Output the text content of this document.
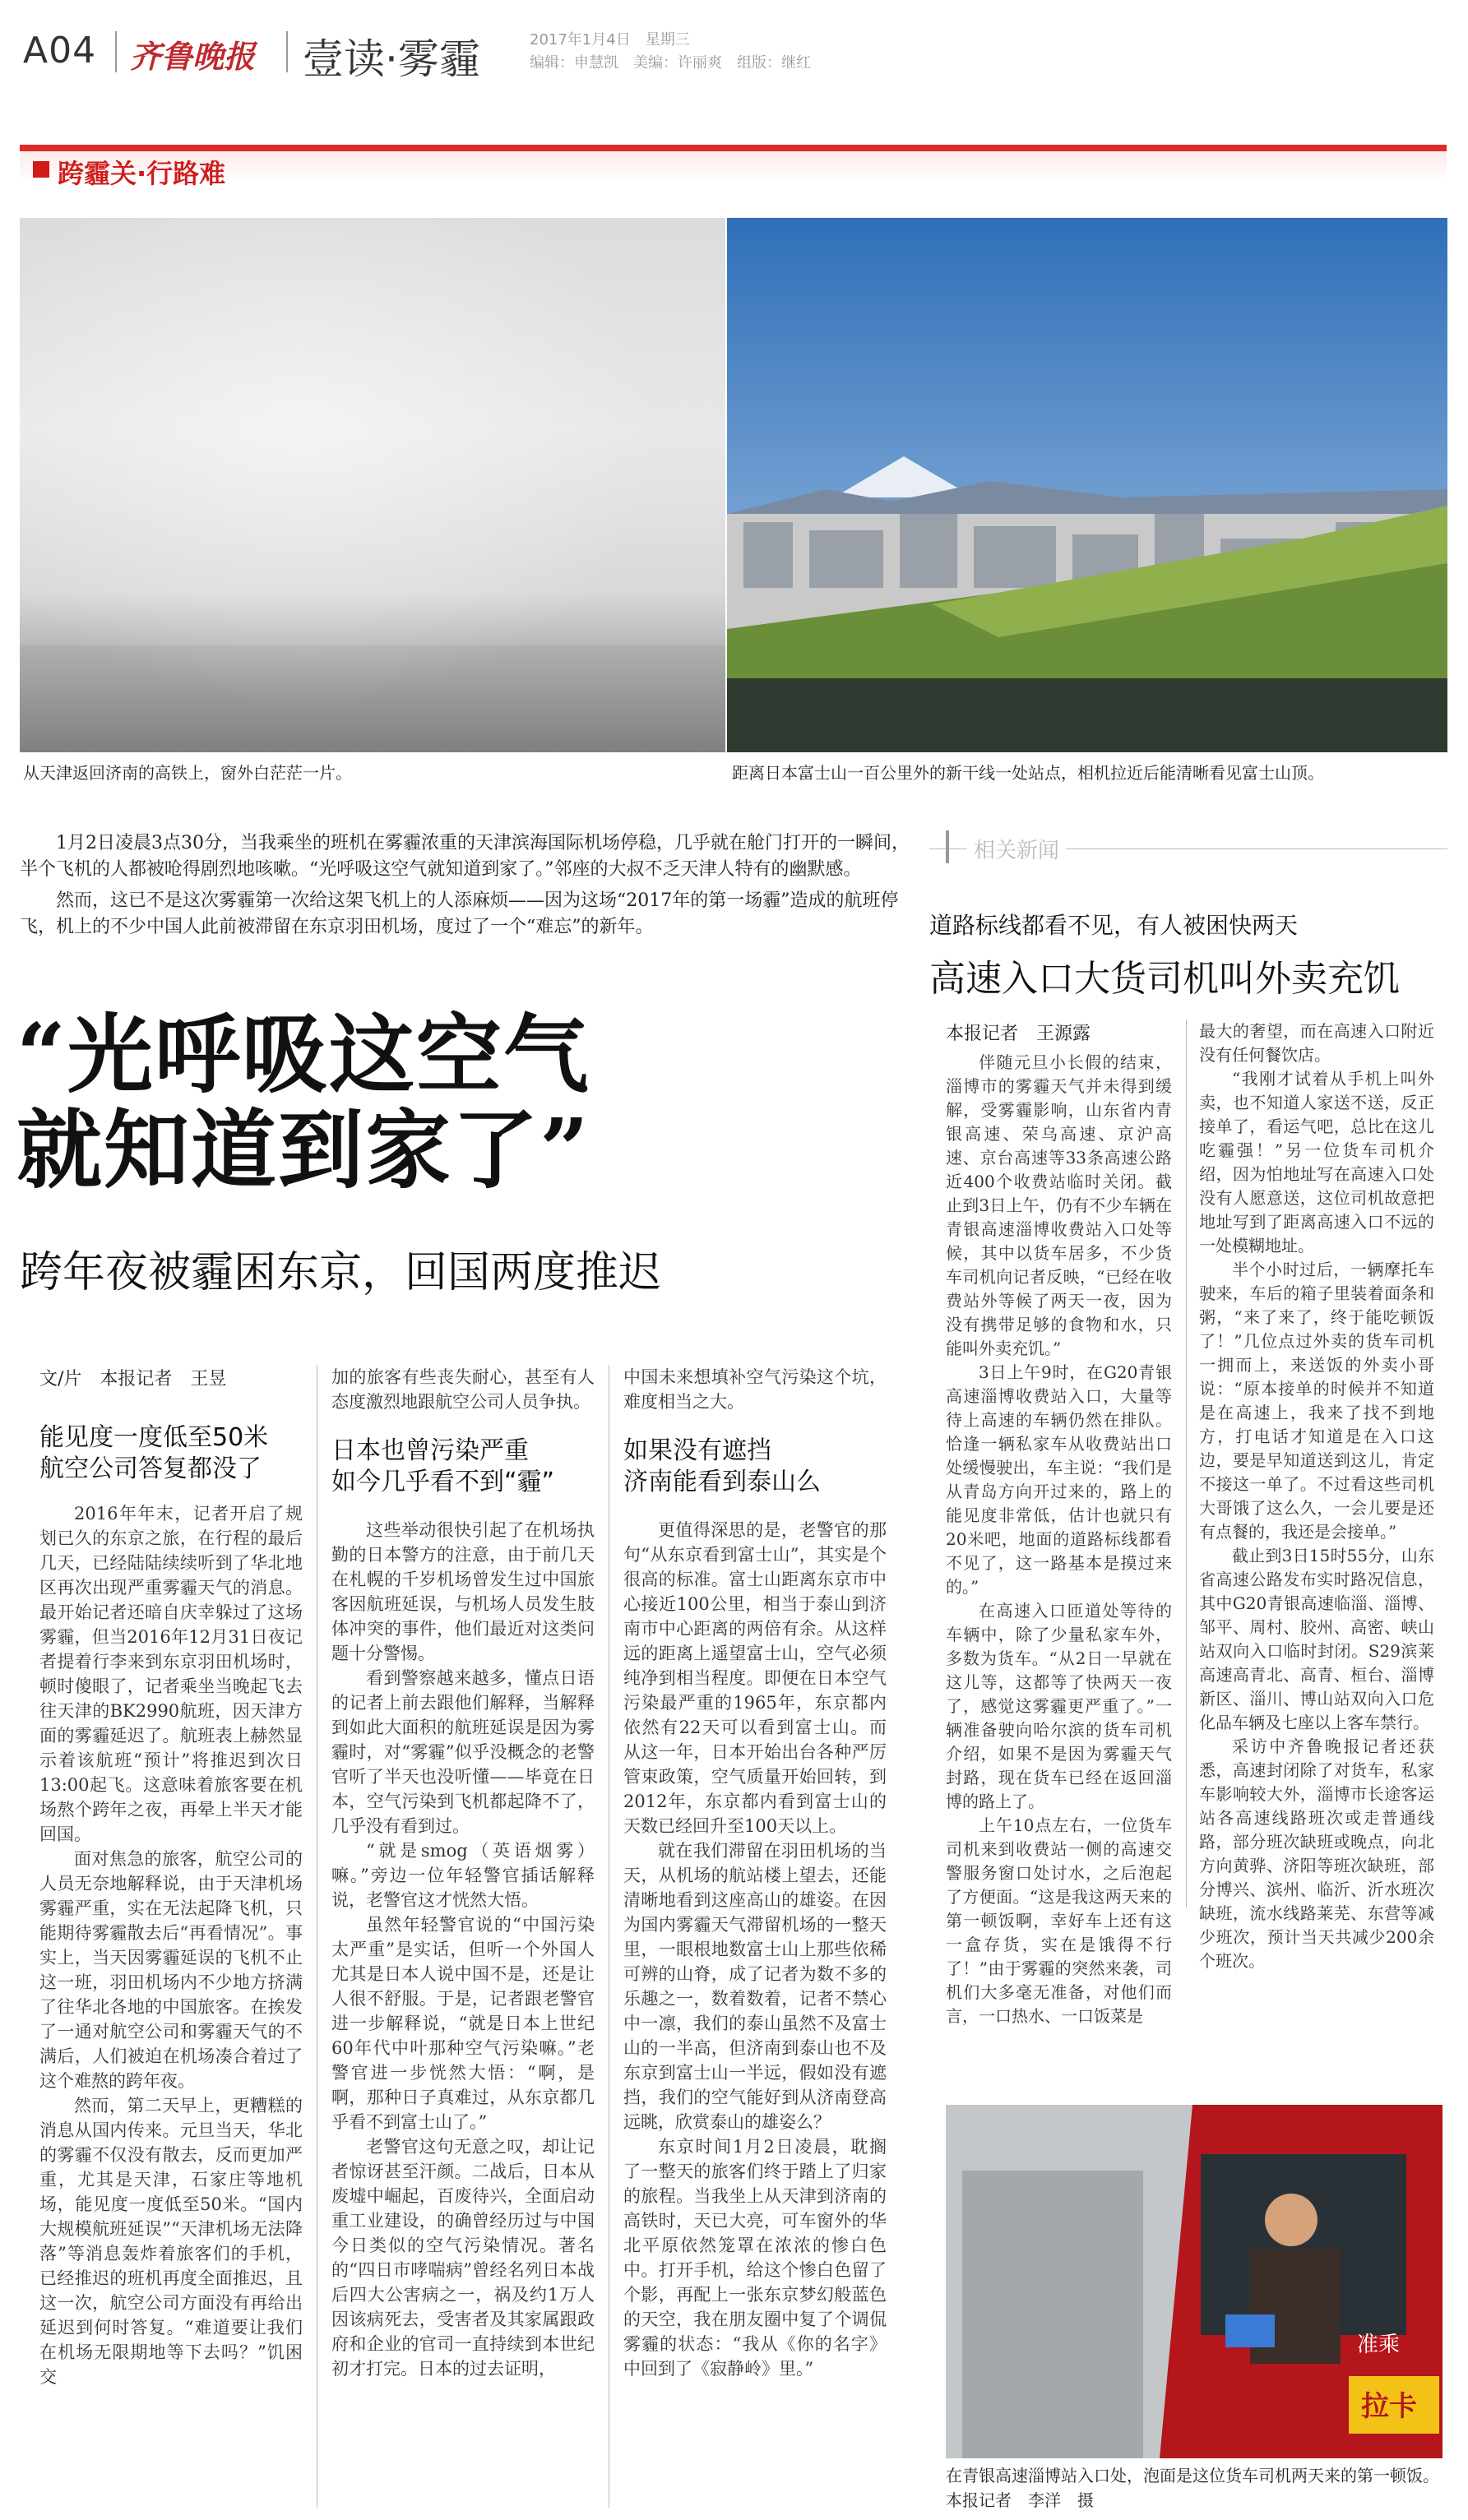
A04 齐鲁晚报 壹读·雾霾	2017年1月4日　星期三
编辑：申慧凯　美编：许丽爽　组版：继红
跨霾关·行路难
从天津返回济南的高铁上，窗外白茫茫一片。	距离日本富士山一百公里外的新干线一处站点，相机拉近后能清晰看见富士山顶。

1月2日凌晨3点30分，当我乘坐的班机在雾霾浓重的天津滨海国际机场停稳，几乎就在舱门打开的一瞬间，半个飞机的人都被呛得剧烈地咳嗽。“光呼吸这空气就知道到家了。”邻座的大叔不乏天津人特有的幽默感。

然而，这已不是这次雾霾第一次给这架飞机上的人添麻烦——因为这场“2017年的第一场霾”造成的航班停飞，机上的不少中国人此前被滞留在东京羽田机场，度过了一个“难忘”的新年。

“光呼吸这空气
就知道到家了”
跨年夜被霾困东京，回国两度推迟
文/片　本报记者　王昱
能见度一度低至50米
航空公司答复都没了

2016年年末，记者开启了规划已久的东京之旅，在行程的最后几天，已经陆陆续续听到了华北地区再次出现严重雾霾天气的消息。最开始记者还暗自庆幸躲过了这场雾霾，但当2016年12月31日夜记者提着行李来到东京羽田机场时，顿时傻眼了，记者乘坐当晚起飞去往天津的BK2990航班，因天津方面的雾霾延迟了。航班表上赫然显示着该航班“预计”将推迟到次日13:00起飞。这意味着旅客要在机场熬个跨年之夜，再晕上半天才能回国。

面对焦急的旅客，航空公司的人员无奈地解释说，由于天津机场雾霾严重，实在无法起降飞机，只能期待雾霾散去后“再看情况”。事实上，当天因雾霾延误的飞机不止这一班，羽田机场内不少地方挤满了往华北各地的中国旅客。在挨发了一通对航空公司和雾霾天气的不满后，人们被迫在机场凑合着过了这个难熬的跨年夜。

然而，第二天早上，更糟糕的消息从国内传来。元旦当天，华北的雾霾不仅没有散去，反而更加严重，尤其是天津，石家庄等地机场，能见度一度低至50米。“国内大规模航班延误”“天津机场无法降落”等消息轰炸着旅客们的手机，已经推迟的班机再度全面推迟，且这一次，航空公司方面没有再给出延迟到何时答复。“难道要让我们在机场无限期地等下去吗？”饥困交

加的旅客有些丧失耐心，甚至有人态度激烈地跟航空公司人员争执。

日本也曾污染严重
如今几乎看不到“霾”

这些举动很快引起了在机场执勤的日本警方的注意，由于前几天在札幌的千岁机场曾发生过中国旅客因航班延误，与机场人员发生肢体冲突的事件，他们最近对这类问题十分警惕。

看到警察越来越多，懂点日语的记者上前去跟他们解释，当解释到如此大面积的航班延误是因为雾霾时，对“雾霾”似乎没概念的老警官听了半天也没听懂——毕竟在日本，空气污染到飞机都起降不了，几乎没有看到过。

“就是smog（英语烟雾）嘛。”旁边一位年轻警官插话解释说，老警官这才恍然大悟。

虽然年轻警官说的“中国污染太严重”是实话，但听一个外国人尤其是日本人说中国不是，还是让人很不舒服。于是，记者跟老警官进一步解释说，“就是日本上世纪60年代中叶那种空气污染嘛。”老警官进一步恍然大悟：“啊，是啊，那种日子真难过，从东京都几乎看不到富士山了。”

老警官这句无意之叹，却让记者惊讶甚至汗颜。二战后，日本从废墟中崛起，百废待兴，全面启动重工业建设，的确曾经历过与中国今日类似的空气污染情况。著名的“四日市哮喘病”曾经名列日本战后四大公害病之一，祸及约1万人因该病死去，受害者及其家属跟政府和企业的官司一直持续到本世纪初才打完。日本的过去证明，

中国未来想填补空气污染这个坑，难度相当之大。

如果没有遮挡
济南能看到泰山么

更值得深思的是，老警官的那句“从东京看到富士山”，其实是个很高的标准。富士山距离东京市中心接近100公里，相当于泰山到济南市中心距离的两倍有余。从这样远的距离上遥望富士山，空气必须纯净到相当程度。即便在日本空气污染最严重的1965年，东京都内依然有22天可以看到富士山。而从这一年，日本开始出台各种严厉管束政策，空气质量开始回转，到2012年，东京都内看到富士山的天数已经回升至100天以上。

就在我们滞留在羽田机场的当天，从机场的航站楼上望去，还能清晰地看到这座高山的雄姿。在因为国内雾霾天气滞留机场的一整天里，一眼根地数富士山上那些依稀可辨的山脊，成了记者为数不多的乐趣之一，数着数着，记者不禁心中一凛，我们的泰山虽然不及富士山的一半高，但济南到泰山也不及东京到富士山一半远，假如没有遮挡，我们的空气能好到从济南登高远眺，欣赏泰山的雄姿么？

东京时间1月2日凌晨，耽搁了一整天的旅客们终于踏上了归家的旅程。当我坐上从天津到济南的高铁时，天已大亮，可车窗外的华北平原依然笼罩在浓浓的惨白色中。打开手机，给这个惨白色留了个影，再配上一张东京梦幻般蓝色的天空，我在朋友圈中复了个调侃雾霾的状态：“我从《你的名字》中回到了《寂静岭》里。”

相关新闻
道路标线都看不见，有人被困快两天
高速入口大货司机叫外卖充饥
本报记者　王源露

伴随元旦小长假的结束，淄博市的雾霾天气并未得到缓解，受雾霾影响，山东省内青银高速、荣乌高速、京沪高速、京台高速等33条高速公路近400个收费站临时关闭。截止到3日上午，仍有不少车辆在青银高速淄博收费站入口处等候，其中以货车居多，不少货车司机向记者反映，“已经在收费站外等候了两天一夜，因为没有携带足够的食物和水，只能叫外卖充饥。”

3日上午9时，在G20青银高速淄博收费站入口，大量等待上高速的车辆仍然在排队。恰逢一辆私家车从收费站出口处缓慢驶出，车主说：“我们是从青岛方向开过来的，路上的能见度非常低，估计也就只有20米吧，地面的道路标线都看不见了，这一路基本是摸过来的。”

在高速入口匝道处等待的车辆中，除了少量私家车外，多数为货车。“从2日一早就在这儿等，这都等了快两天一夜了，感觉这雾霾更严重了。”一辆准备驶向哈尔滨的货车司机介绍，如果不是因为雾霾天气封路，现在货车已经在返回淄博的路上了。

上午10点左右，一位货车司机来到收费站一侧的高速交警服务窗口处讨水，之后泡起了方便面。“这是我这两天来的第一顿饭啊，幸好车上还有这一盒存货，实在是饿得不行了！”由于雾霾的突然来袭，司机们大多毫无准备，对他们而言，一口热水、一口饭菜是

最大的奢望，而在高速入口附近没有任何餐饮店。

“我刚才试着从手机上叫外卖，也不知道人家送不送，反正接单了，看运气吧，总比在这儿吃霾强！”另一位货车司机介绍，因为怕地址写在高速入口处没有人愿意送，这位司机故意把地址写到了距离高速入口不远的一处模糊地址。

半个小时过后，一辆摩托车驶来，车后的箱子里装着面条和粥，“来了来了，终于能吃顿饭了！”几位点过外卖的货车司机一拥而上，来送饭的外卖小哥说：“原本接单的时候并不知道是在高速上，我来了找不到地方，打电话才知道是在入口这边，要是早知道送到这儿，肯定不接这一单了。不过看这些司机大哥饿了这么久，一会儿要是还有点餐的，我还是会接单。”

截止到3日15时55分，山东省高速公路发布实时路况信息，其中G20青银高速临淄、淄博、邹平、周村、胶州、高密、峡山站双向入口临时封闭。S29滨莱高速高青北、高青、桓台、淄博新区、淄川、博山站双向入口危化品车辆及七座以上客车禁行。

采访中齐鲁晚报记者还获悉，高速封闭除了对货车，私家车影响较大外，淄博市长途客运站各高速线路班次或走普通线路，部分班次缺班或晚点，向北方向黄骅、济阳等班次缺班，部分博兴、滨州、临沂、沂水班次缺班，流水线路莱芜、东营等减少班次，预计当天共减少200余个班次。

拉卡
准乘
在青银高速淄博站入口处，泡面是这位货车司机两天来的第一顿饭。　本报记者　李洋　摄
